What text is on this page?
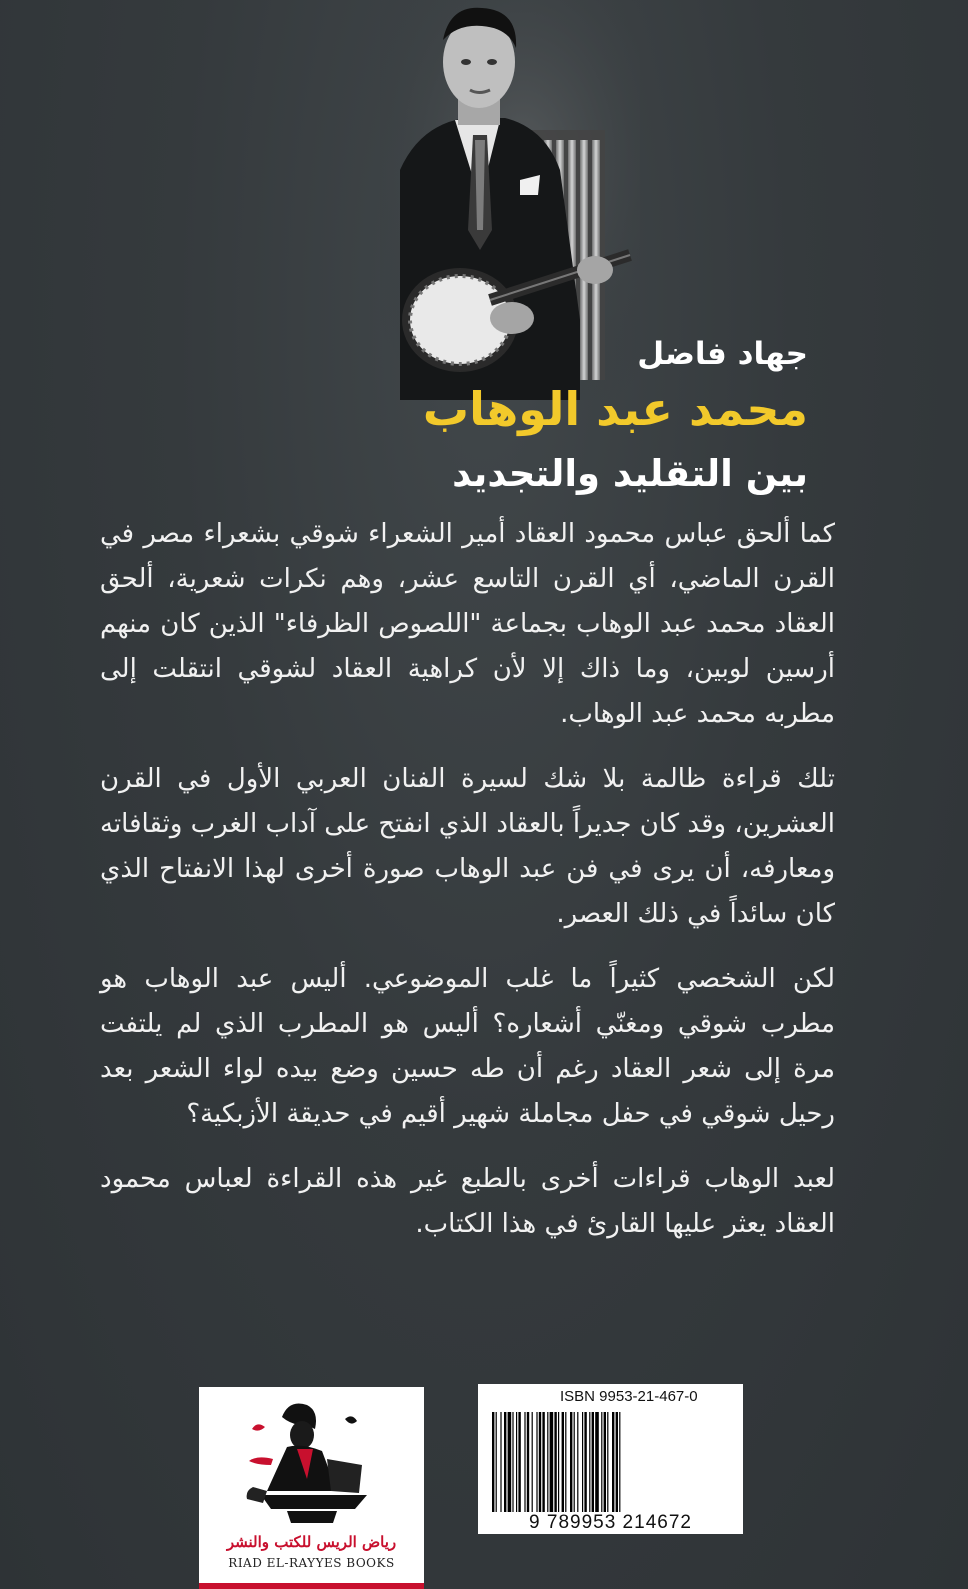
جهاد فاضل
محمد عبد الوهاب
بين التقليد والتجديد

كما ألحق عباس محمود العقاد أمير الشعراء شوقي بشعراء مصر في القرن الماضي، أي القرن التاسع عشر، وهم نكرات شعرية، ألحق العقاد محمد عبد الوهاب بجماعة "اللصوص الظرفاء" الذين كان منهم أرسين لوبين، وما ذاك إلا لأن كراهية العقاد لشوقي انتقلت إلى مطربه محمد عبد الوهاب.

تلك قراءة ظالمة بلا شك لسيرة الفنان العربي الأول في القرن العشرين، وقد كان جديراً بالعقاد الذي انفتح على آداب الغرب وثقافاته ومعارفه، أن يرى في فن عبد الوهاب صورة أخرى لهذا الانفتاح الذي كان سائداً في ذلك العصر.

لكن الشخصي كثيراً ما غلب الموضوعي. أليس عبد الوهاب هو مطرب شوقي ومغنّي أشعاره؟ أليس هو المطرب الذي لم يلتفت مرة إلى شعر العقاد رغم أن طه حسين وضع بيده لواء الشعر بعد رحيل شوقي في حفل مجاملة شهير أقيم في حديقة الأزبكية؟

لعبد الوهاب قراءات أخرى بالطبع غير هذه القراءة لعباس محمود العقاد يعثر عليها القارئ في هذا الكتاب.

رياض الريس للكتب والنشر
RIAD EL-RAYYES BOOKS
ISBN 9953-21-467-0
9 789953 214672
